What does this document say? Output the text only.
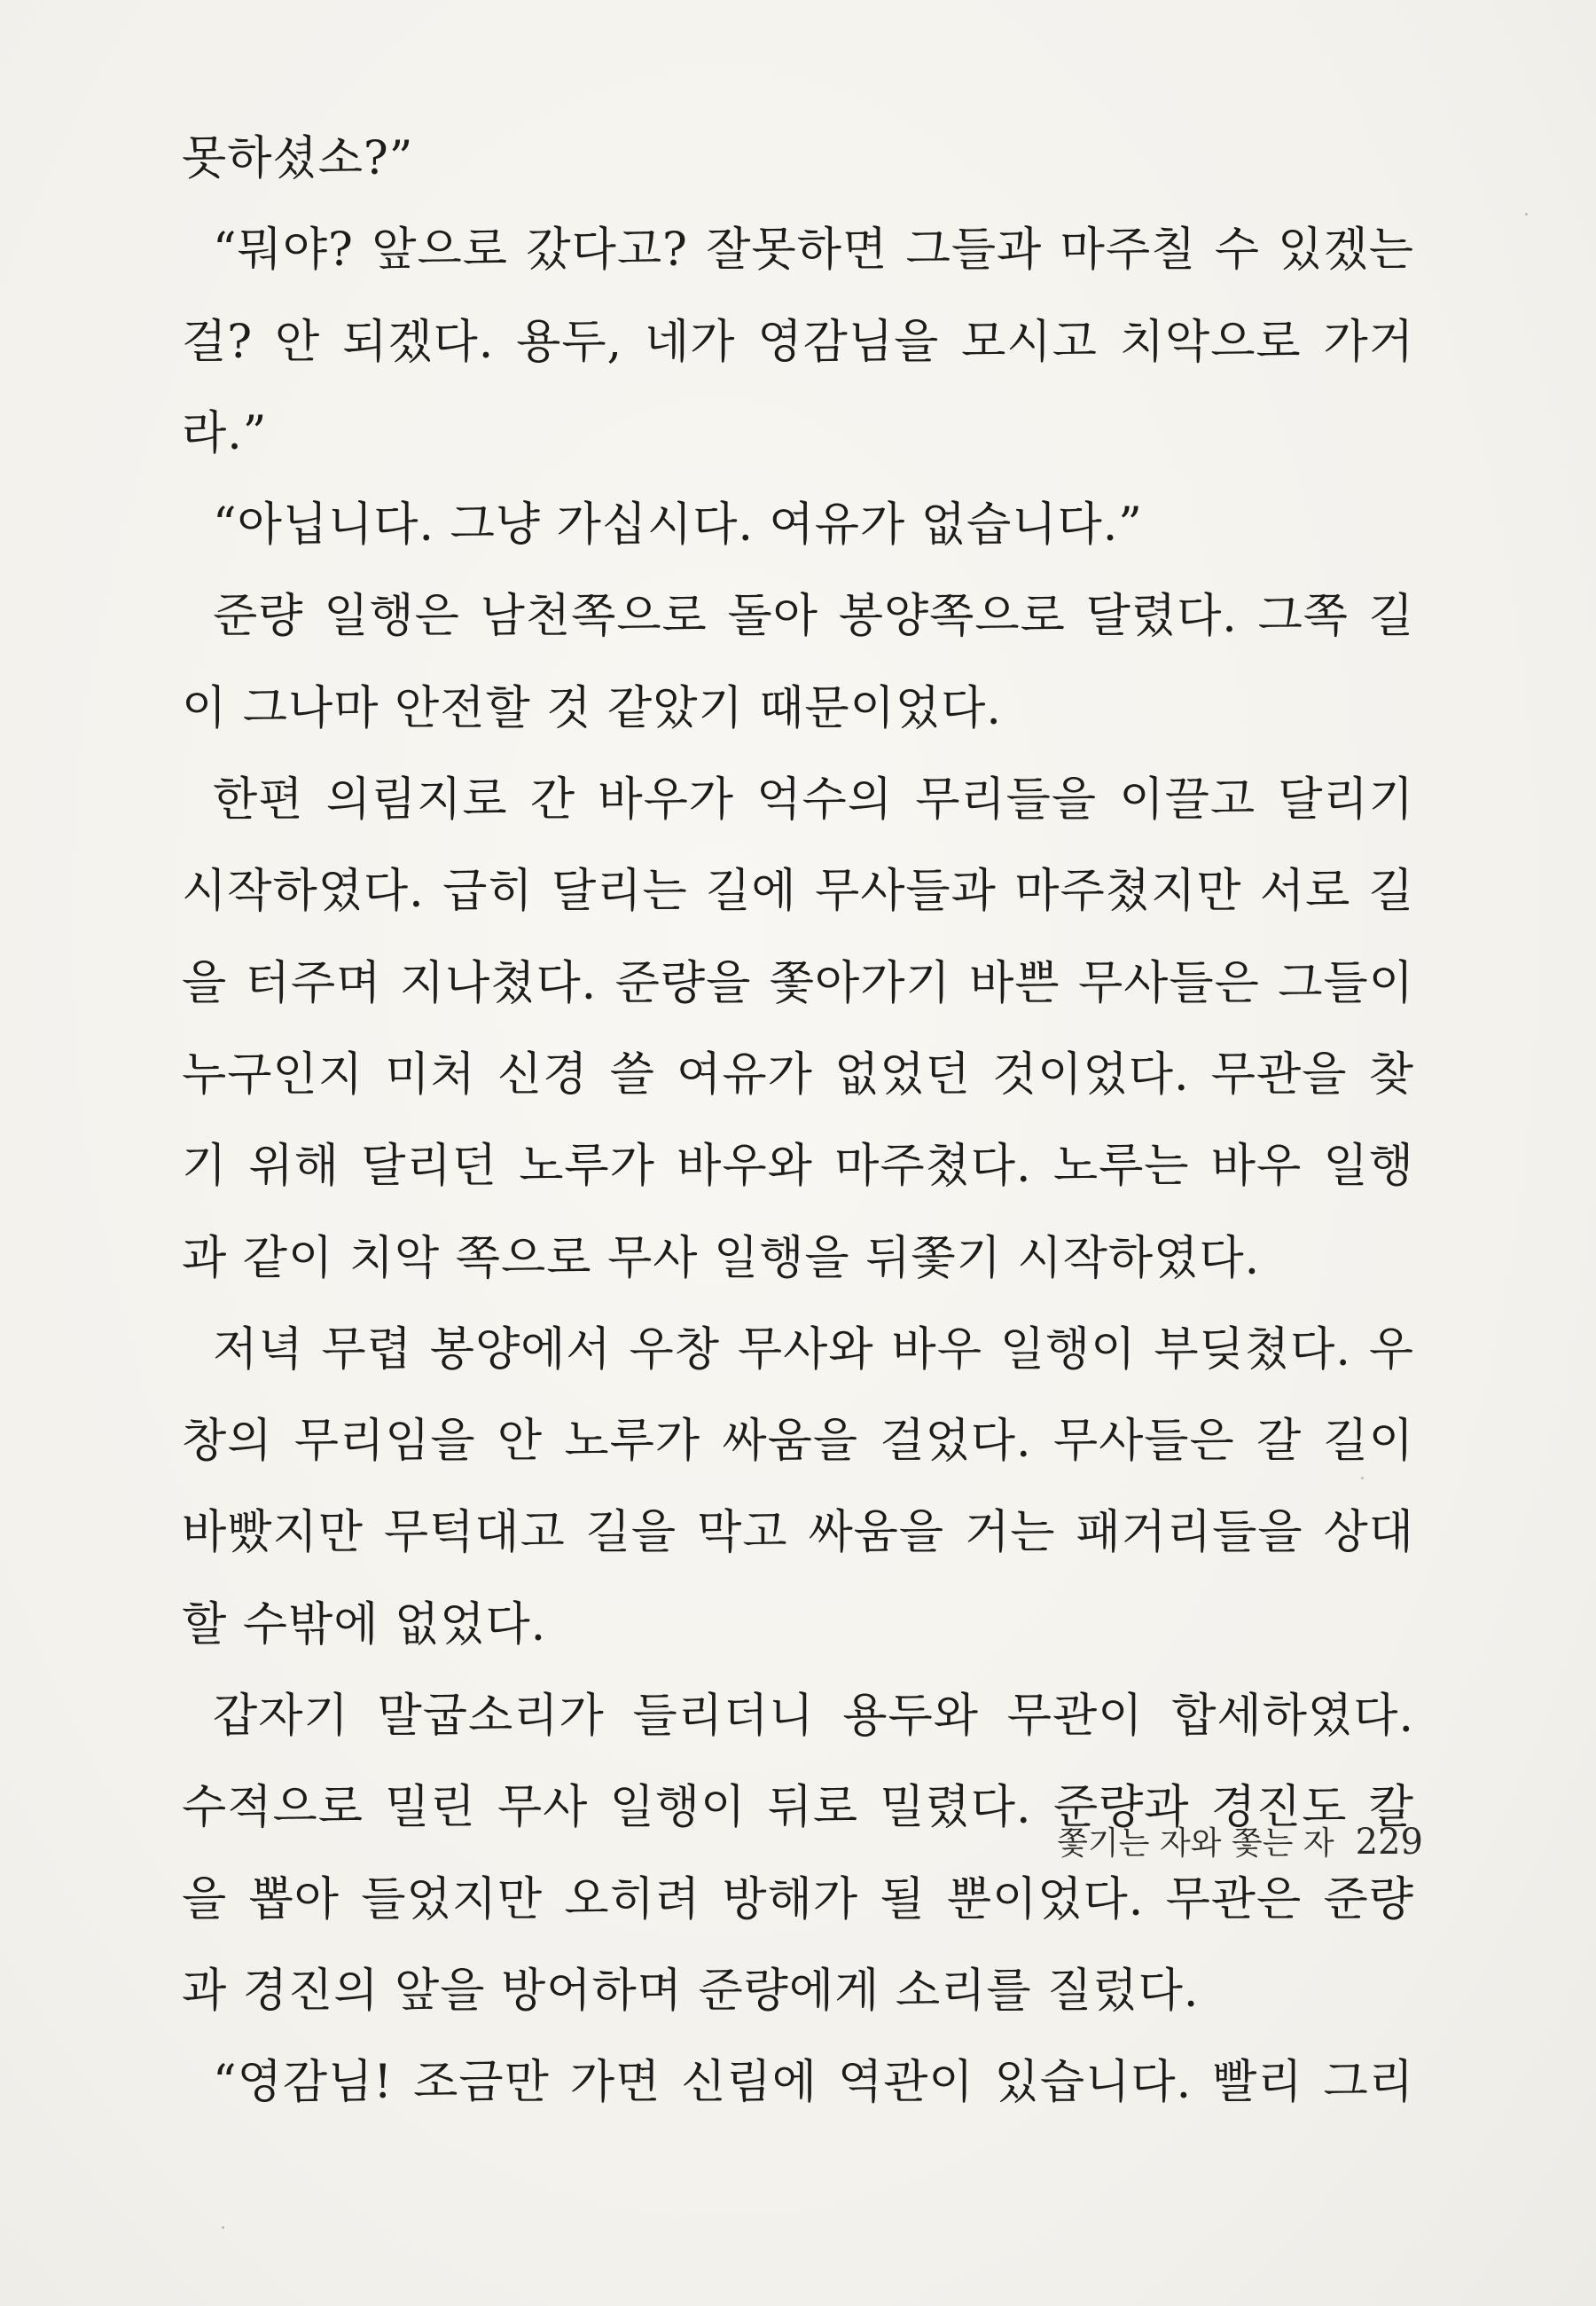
못하셨소?”
“뭐야? 앞으로 갔다고? 잘못하면 그들과 마주칠 수 있겠는
걸? 안 되겠다. 용두, 네가 영감님을 모시고 치악으로 가거
라.”
“아닙니다. 그냥 가십시다. 여유가 없습니다.”
준량 일행은 남천쪽으로 돌아 봉양쪽으로 달렸다. 그쪽 길
이 그나마 안전할 것 같았기 때문이었다.
한편 의림지로 간 바우가 억수의 무리들을 이끌고 달리기
시작하였다. 급히 달리는 길에 무사들과 마주쳤지만 서로 길
을 터주며 지나쳤다. 준량을 쫓아가기 바쁜 무사들은 그들이
누구인지 미처 신경 쓸 여유가 없었던 것이었다. 무관을 찾
기 위해 달리던 노루가 바우와 마주쳤다. 노루는 바우 일행
과 같이 치악 쪽으로 무사 일행을 뒤쫓기 시작하였다.
저녁 무렵 봉양에서 우창 무사와 바우 일행이 부딪쳤다. 우
창의 무리임을 안 노루가 싸움을 걸었다. 무사들은 갈 길이
바빴지만 무턱대고 길을 막고 싸움을 거는 패거리들을 상대
할 수밖에 없었다.
갑자기 말굽소리가 들리더니 용두와 무관이 합세하였다.
수적으로 밀린 무사 일행이 뒤로 밀렸다. 준량과 경진도 칼
을 뽑아 들었지만 오히려 방해가 될 뿐이었다. 무관은 준량
과 경진의 앞을 방어하며 준량에게 소리를 질렀다.
“영감님! 조금만 가면 신림에 역관이 있습니다. 빨리 그리
쫓기는 자와 쫓는 자 229
